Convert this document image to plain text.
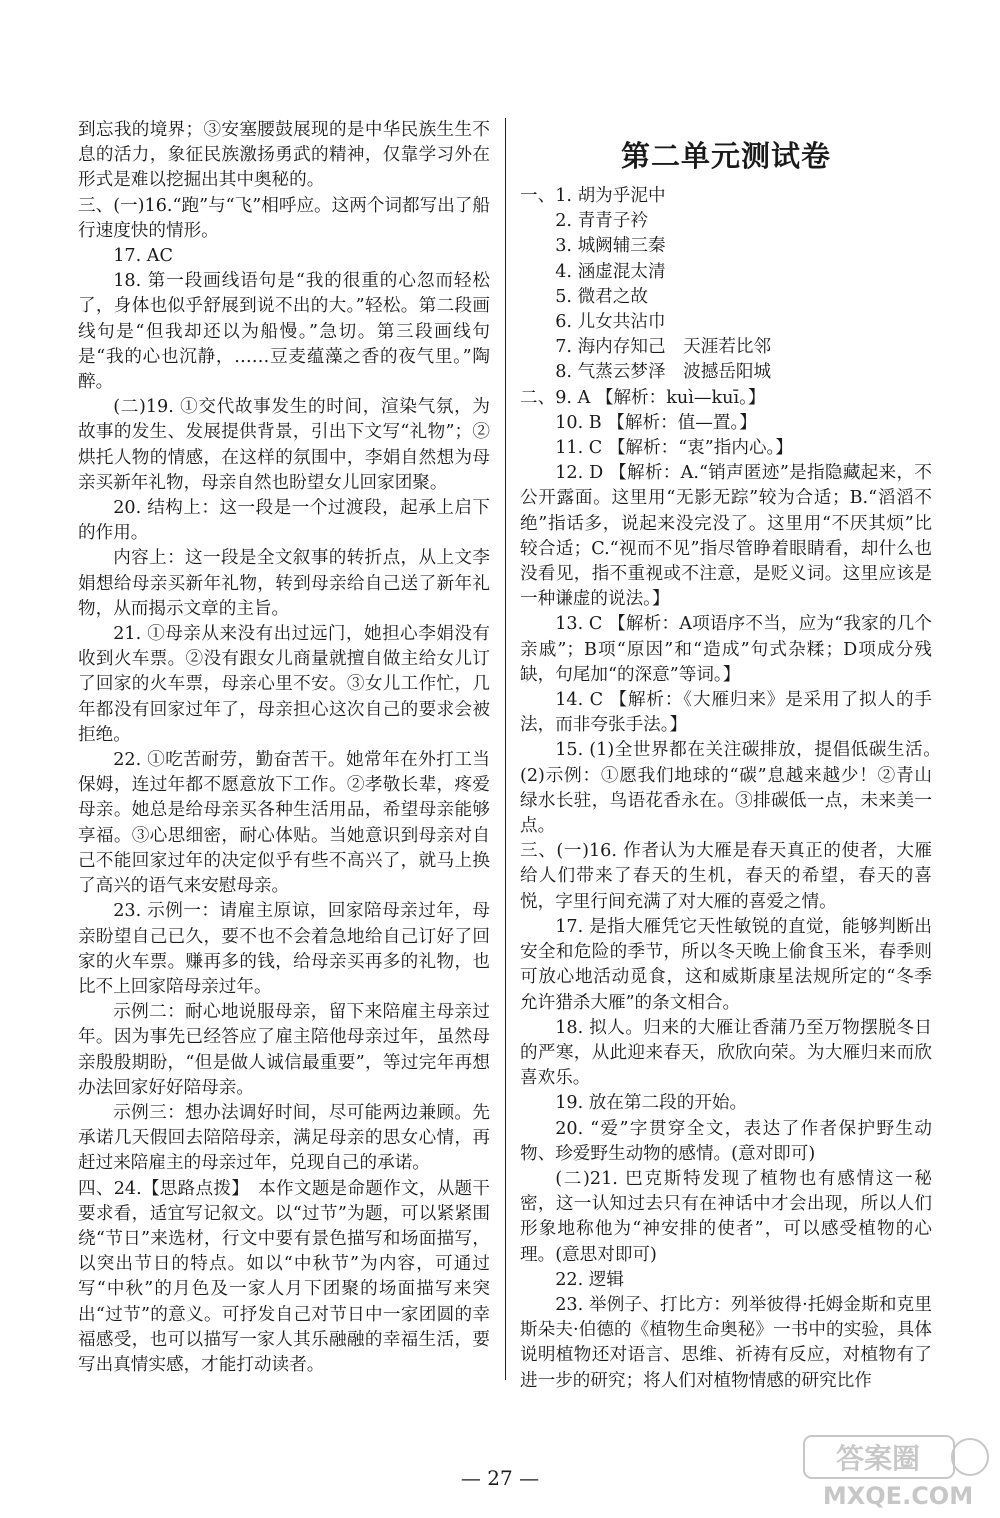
到忘我的境界；③安塞腰鼓展现的是中华民族生生不息的活力，象征民族激扬勇武的精神，仅靠学习外在形式是难以挖掘出其中奥秘的。

三、(一)16.“跑”与“飞”相呼应。这两个词都写出了船行速度快的情形。

17. AC

18. 第一段画线语句是“我的很重的心忽而轻松了，身体也似乎舒展到说不出的大。”轻松。第二段画线句是“但我却还以为船慢。”急切。第三段画线句是“我的心也沉静，……豆麦蕴藻之香的夜气里。”陶醉。

(二)19. ①交代故事发生的时间，渲染气氛，为故事的发生、发展提供背景，引出下文写“礼物”；②烘托人物的情感，在这样的氛围中，李娟自然想为母亲买新年礼物，母亲自然也盼望女儿回家团聚。

20. 结构上：这一段是一个过渡段，起承上启下的作用。

内容上：这一段是全文叙事的转折点，从上文李娟想给母亲买新年礼物，转到母亲给自己送了新年礼物，从而揭示文章的主旨。

21. ①母亲从来没有出过远门，她担心李娟没有收到火车票。②没有跟女儿商量就擅自做主给女儿订了回家的火车票，母亲心里不安。③女儿工作忙，几年都没有回家过年了，母亲担心这次自己的要求会被拒绝。

22. ①吃苦耐劳，勤奋苦干。她常年在外打工当保姆，连过年都不愿意放下工作。②孝敬长辈，疼爱母亲。她总是给母亲买各种生活用品，希望母亲能够享福。③心思细密，耐心体贴。当她意识到母亲对自己不能回家过年的决定似乎有些不高兴了，就马上换了高兴的语气来安慰母亲。

23. 示例一：请雇主原谅，回家陪母亲过年，母亲盼望自己已久，要不也不会着急地给自己订好了回家的火车票。赚再多的钱，给母亲买再多的礼物，也比不上回家陪母亲过年。

示例二：耐心地说服母亲，留下来陪雇主母亲过年。因为事先已经答应了雇主陪他母亲过年，虽然母亲殷殷期盼，“但是做人诚信最重要”，等过完年再想办法回家好好陪母亲。

示例三：想办法调好时间，尽可能两边兼顾。先承诺几天假回去陪陪母亲，满足母亲的思女心情，再赶过来陪雇主的母亲过年，兑现自己的承诺。

四、24.【思路点拨】　本作文题是命题作文，从题干要求看，适宜写记叙文。以“过节”为题，可以紧紧围绕“节日”来选材，行文中要有景色描写和场面描写，以突出节日的特点。如以“中秋节”为内容，可通过写“中秋”的月色及一家人月下团聚的场面描写来突出“过节”的意义。可抒发自己对节日中一家团圆的幸福感受，也可以描写一家人其乐融融的幸福生活，要写出真情实感，才能打动读者。

第二单元测试卷

一、1. 胡为乎泥中

2. 青青子衿

3. 城阙辅三秦

4. 涵虚混太清

5. 微君之故

6. 儿女共沾巾

7. 海内存知己　天涯若比邻

8. 气蒸云梦泽　波撼岳阳城

二、9. A 【解析：kuì—kuī。】

10. B 【解析：值—置。】

11. C 【解析：“衷”指内心。】

12. D 【解析：A.“销声匿迹”是指隐藏起来，不公开露面。这里用“无影无踪”较为合适；B.“滔滔不绝”指话多，说起来没完没了。这里用“不厌其烦”比较合适；C.“视而不见”指尽管睁着眼睛看，却什么也没看见，指不重视或不注意，是贬义词。这里应该是一种谦虚的说法。】

13. C 【解析：A项语序不当，应为“我家的几个亲戚”；B项“原因”和“造成”句式杂糅；D项成分残缺，句尾加“的深意”等词。】

14. C 【解析：《大雁归来》是采用了拟人的手法，而非夸张手法。】

15. (1)全世界都在关注碳排放，提倡低碳生活。　(2)示例：①愿我们地球的“碳”息越来越少！②青山绿水长驻，鸟语花香永在。③排碳低一点，未来美一点。

三、(一)16. 作者认为大雁是春天真正的使者，大雁给人们带来了春天的生机，春天的希望，春天的喜悦，字里行间充满了对大雁的喜爱之情。

17. 是指大雁凭它天性敏锐的直觉，能够判断出安全和危险的季节，所以冬天晚上偷食玉米，春季则可放心地活动觅食，这和威斯康星法规所定的“冬季允许猎杀大雁”的条文相合。

18. 拟人。归来的大雁让香蒲乃至万物摆脱冬日的严寒，从此迎来春天，欣欣向荣。为大雁归来而欣喜欢乐。

19. 放在第二段的开始。

20. “爱”字贯穿全文，表达了作者保护野生动物、珍爱野生动物的感情。(意对即可)

(二)21. 巴克斯特发现了植物也有感情这一秘密，这一认知过去只有在神话中才会出现，所以人们形象地称他为“神安排的使者”，可以感受植物的心理。(意思对即可)

22. 逻辑

23. 举例子、打比方：列举彼得·托姆金斯和克里斯朵夫·伯德的《植物生命奥秘》一书中的实验，具体说明植物还对语言、思维、祈祷有反应，对植物有了进一步的研究；将人们对植物情感的研究比作

— 27 —
答案圈
MXQE.COM
